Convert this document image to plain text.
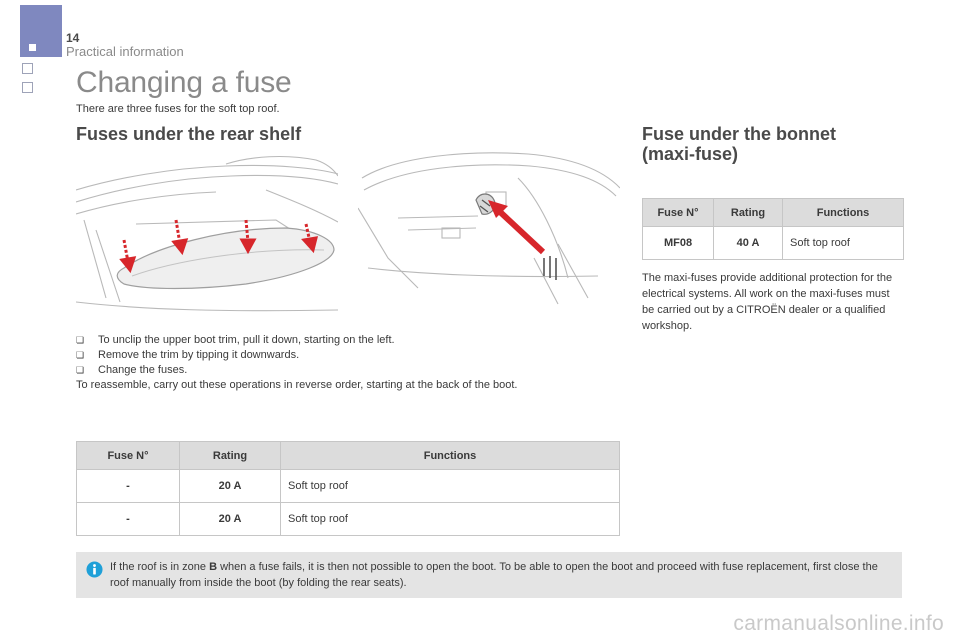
14
Practical information
Changing a fuse
There are three fuses for the soft top roof.
Fuses under the rear shelf	Fuse under the bonnet
(maxi-fuse)
❏	To unclip the upper boot trim, pull it down, starting on the left.
❏	Remove the trim by tipping it downwards.
❏	Change the fuses.
To reassemble, carry out these operations in reverse order, starting at the back of the boot.
Fuse N°	Rating	Functions
-	20 A	Soft top roof
-	20 A	Soft top roof
Fuse N°	Rating	Functions
MF08	40 A	Soft top roof
The maxi-fuses provide additional protection for the electrical systems. All work on the maxi-fuses must be carried out by a CITROËN dealer or a qualified workshop.
If the roof is in zone B when a fuse fails, it is then not possible to open the boot. To be able to open the boot and proceed with fuse replacement, first close the roof manually from inside the boot (by folding the rear seats).
carmanualsonline.info
